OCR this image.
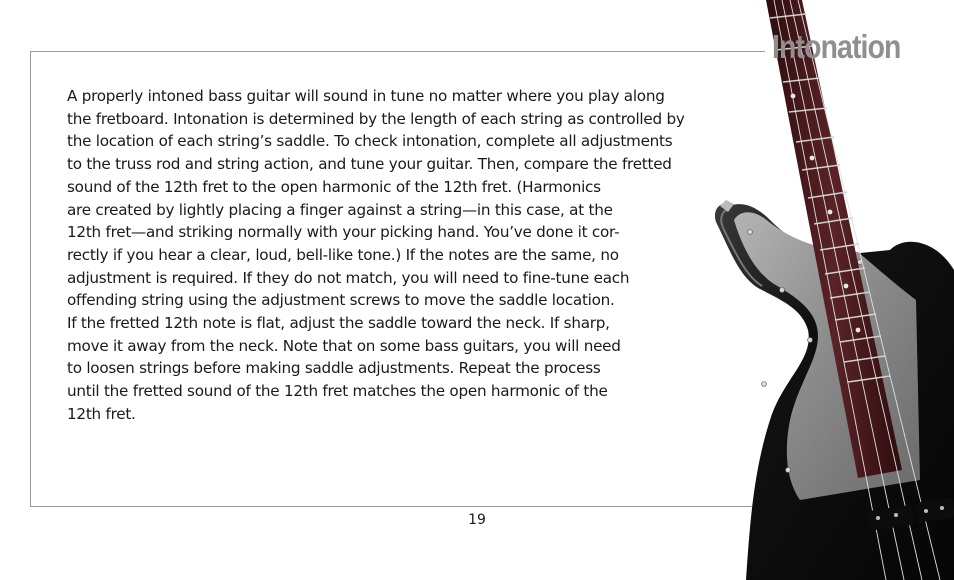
Intonation
A properly intoned bass guitar will sound in tune no matter where you play along
the fretboard. Intonation is determined by the length of each string as controlled by
the location of each string’s saddle. To check intonation, complete all adjustments
to the truss rod and string action, and tune your guitar. Then, compare the fretted
sound of the 12th fret to the open harmonic of the 12th fret. (Harmonics
are created by lightly placing a finger against a string—in this case, at the
12th fret—and striking normally with your picking hand. You’ve done it cor-
rectly if you hear a clear, loud, bell-like tone.) If the notes are the same, no
adjustment is required. If they do not match, you will need to fine-tune each
offending string using the adjustment screws to move the saddle location.
If the fretted 12th note is flat, adjust the saddle toward the neck. If sharp,
move it away from the neck. Note that on some bass guitars, you will need
to loosen strings before making saddle adjustments. Repeat the process
until the fretted sound of the 12th fret matches the open harmonic of the
12th fret.
19
